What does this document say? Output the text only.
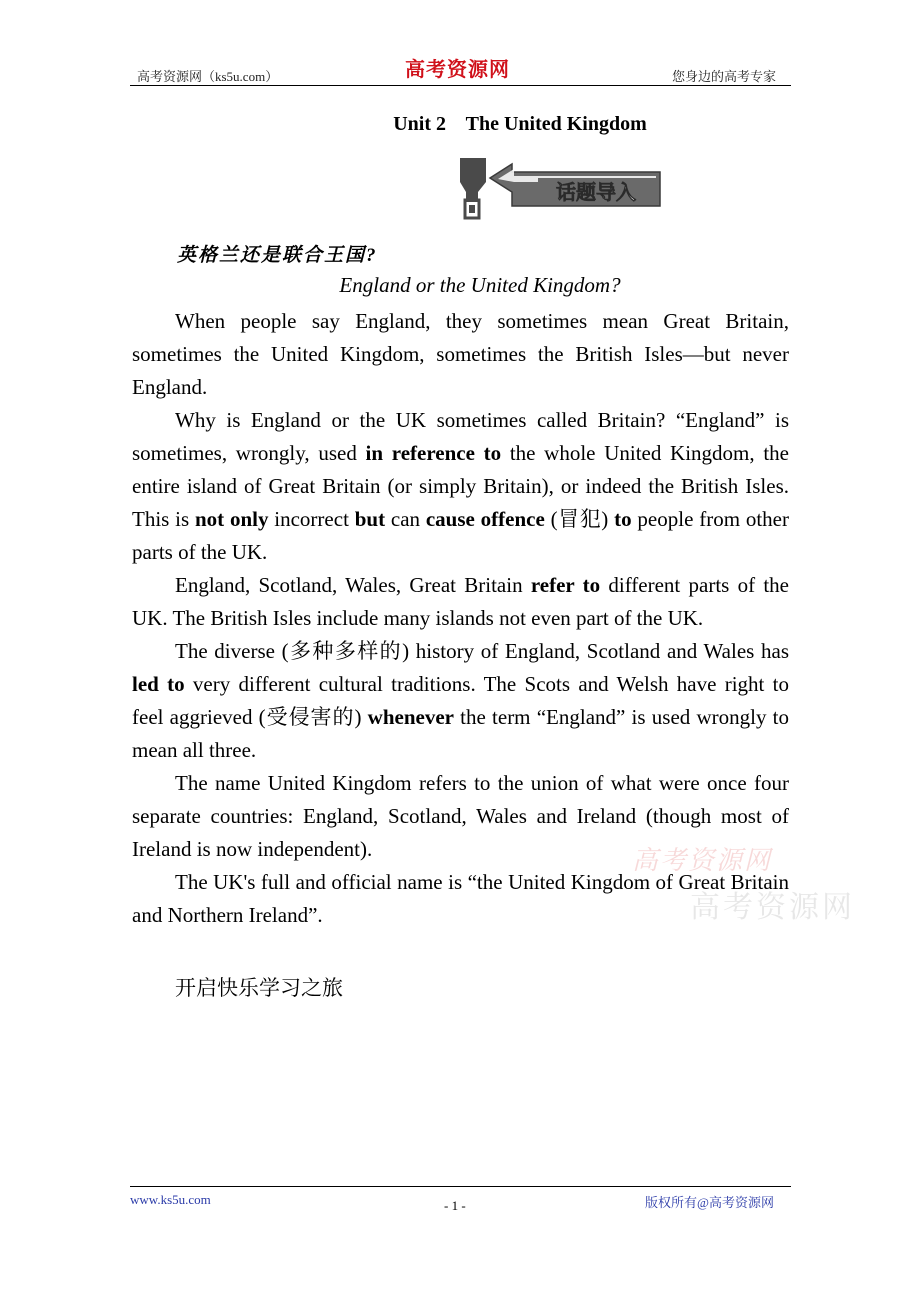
高考资源网（ks5u.com）	高考资源网	您身边的高考专家
Unit 2    The United Kingdom
话题导入
英格兰还是联合王国?
England or the United Kingdom?

When people say England, they sometimes mean Great Britain, sometimes the United Kingdom, sometimes the British Isles—but never England.

Why is England or the UK sometimes called Britain? “England” is sometimes, wrongly, used in reference to the whole United Kingdom, the entire island of Great Britain (or simply Britain), or indeed the British Isles. This is not only incorrect but can cause offence (冒犯) to people from other parts of the UK.

England, Scotland, Wales, Great Britain refer to different parts of the UK. The British Isles include many islands not even part of the UK.

The diverse (多种多样的) history of England, Scotland and Wales has led to very different cultural traditions. The Scots and Welsh have right to feel aggrieved (受侵害的) whenever the term “England” is used wrongly to mean all three.

The name United Kingdom refers to the union of what were once four separate countries: England, Scotland, Wales and Ireland (though most of Ireland is now independent).

The UK's full and official name is “the United Kingdom of Great Britain and Northern Ireland”.

高考资源网
高考资源网
开启快乐学习之旅
www.ks5u.com	- 1 -	版权所有@高考资源网
